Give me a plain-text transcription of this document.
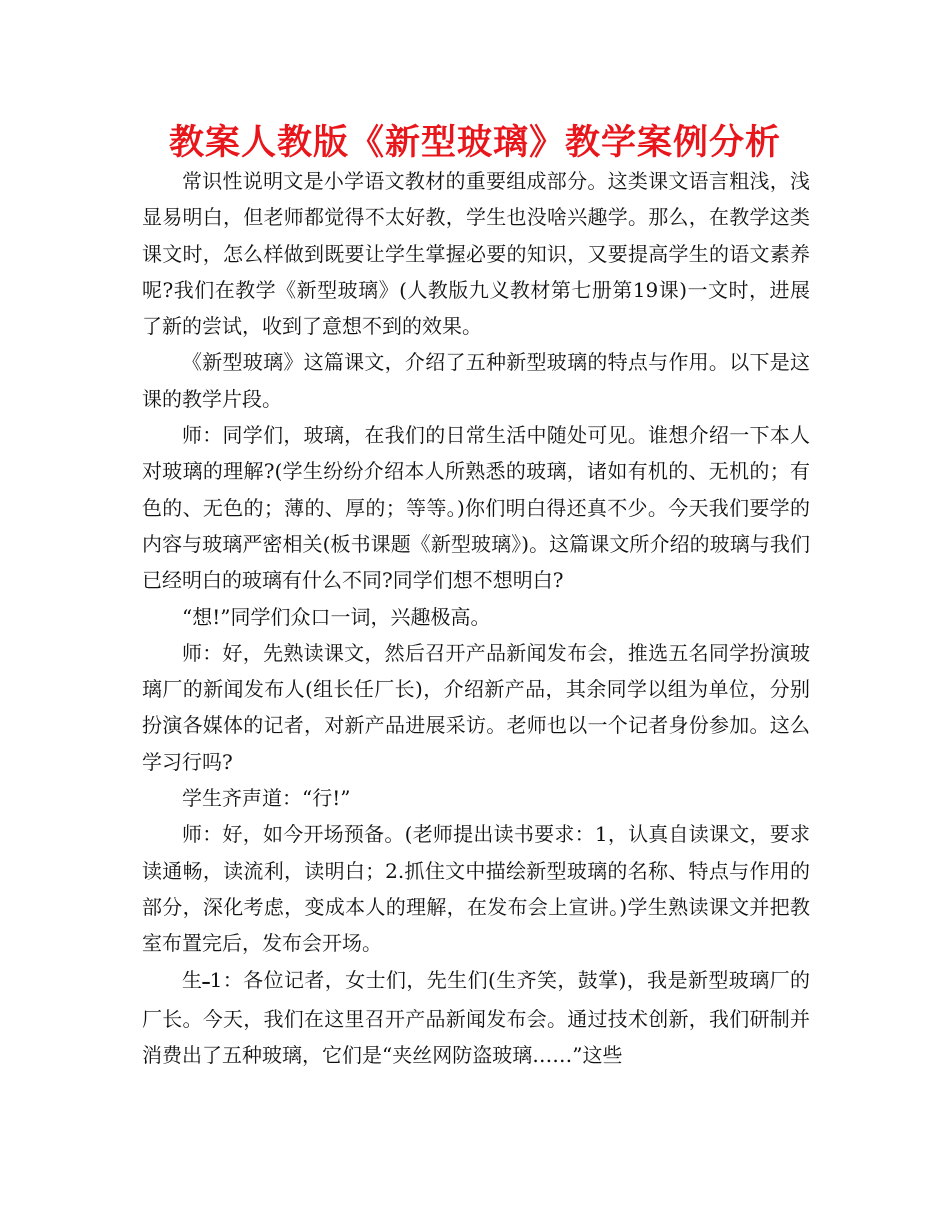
教案人教版《新型玻璃》教学案例分析

常识性说明文是小学语文教材的重要组成部分。这类课文语言粗浅，浅显易明白，但老师都觉得不太好教，学生也没啥兴趣学。那么，在教学这类课文时，怎么样做到既要让学生掌握必要的知识，又要提高学生的语文素养呢?我们在教学《新型玻璃》(人教版九义教材第七册第19课)一文时，进展了新的尝试，收到了意想不到的效果。

《新型玻璃》这篇课文，介绍了五种新型玻璃的特点与作用。以下是这课的教学片段。

师：同学们，玻璃，在我们的日常生活中随处可见。谁想介绍一下本人对玻璃的理解?(学生纷纷介绍本人所熟悉的玻璃，诸如有机的、无机的；有色的、无色的；薄的、厚的；等等。)你们明白得还真不少。今天我们要学的内容与玻璃严密相关(板书课题《新型玻璃》)。这篇课文所介绍的玻璃与我们已经明白的玻璃有什么不同?同学们想不想明白?

“想!”同学们众口一词，兴趣极高。

师：好，先熟读课文，然后召开产品新闻发布会，推选五名同学扮演玻璃厂的新闻发布人(组长任厂长)，介绍新产品，其余同学以组为单位，分别扮演各媒体的记者，对新产品进展采访。老师也以一个记者身份参加。这么学习行吗?

学生齐声道：“行!”

师：好，如今开场预备。(老师提出读书要求：1，认真自读课文，要求读通畅，读流利，读明白；2.抓住文中描绘新型玻璃的名称、特点与作用的部分，深化考虑，变成本人的理解，在发布会上宣讲。)学生熟读课文并把教室布置完后，发布会开场。

生━1：各位记者，女士们，先生们(生齐笑，鼓掌)，我是新型玻璃厂的厂长。今天，我们在这里召开产品新闻发布会。通过技术创新，我们研制并消费出了五种玻璃，它们是“夹丝网防盗玻璃……”这些
